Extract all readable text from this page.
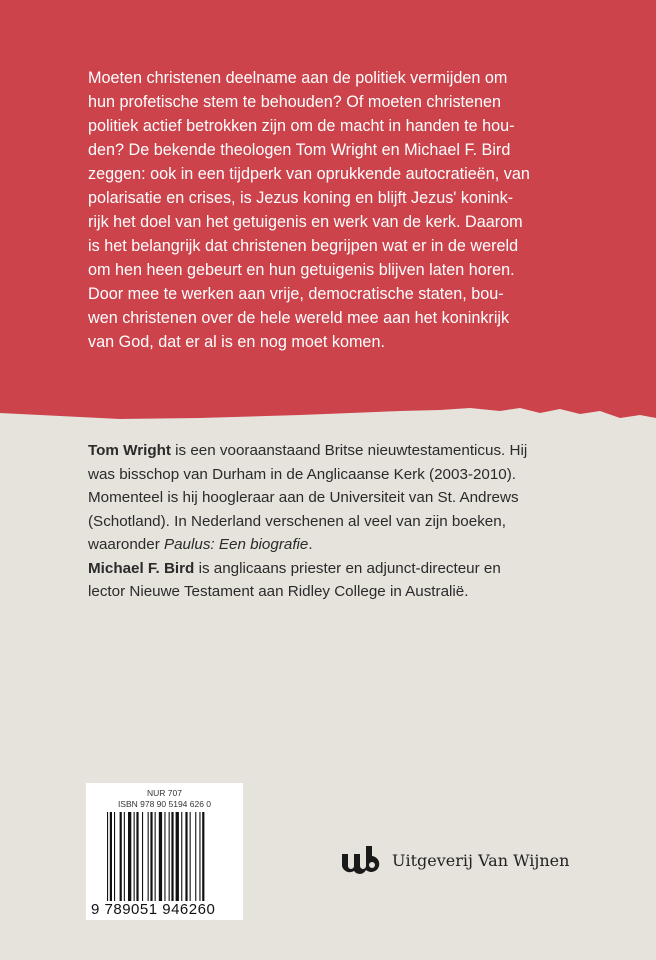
Moeten christenen deelname aan de politiek vermijden om
hun profetische stem te behouden? Of moeten christenen
politiek actief betrokken zijn om de macht in handen te hou-
den? De bekende theologen Tom Wright en Michael F. Bird
zeggen: ook in een tijdperk van oprukkende autocratieën, van
polarisatie en crises, is Jezus koning en blijft Jezus' konink-
rijk het doel van het getuigenis en werk van de kerk. Daarom
is het belangrijk dat christenen begrijpen wat er in de wereld
om hen heen gebeurt en hun getuigenis blijven laten horen.
Door mee te werken aan vrije, democratische staten, bou-
wen christenen over de hele wereld mee aan het koninkrijk
van God, dat er al is en nog moet komen.
Tom Wright is een vooraanstaand Britse nieuwtestamenticus. Hij
was bisschop van Durham in de Anglicaanse Kerk (2003-2010).
Momenteel is hij hoogleraar aan de Universiteit van St. Andrews
(Schotland). In Nederland verschenen al veel van zijn boeken,
waaronder Paulus: Een biografie.
Michael F. Bird is anglicaans priester en adjunct-directeur en
lector Nieuwe Testament aan Ridley College in Australië.
NUR 707
ISBN 978 90 5194 626 0
9 789051 946260
Uitgeverij Van Wijnen
